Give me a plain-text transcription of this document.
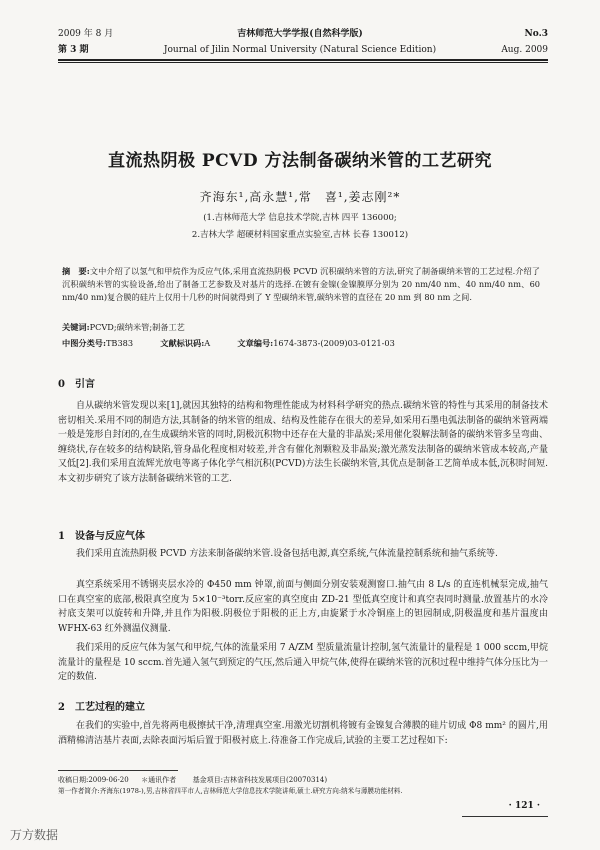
2009 年 8 月	吉林师范大学学报(自然科学版)	No.3
第 3 期	Journal of Jilin Normal University (Natural Science Edition)	Aug. 2009
直流热阴极 PCVD 方法制备碳纳米管的工艺研究
齐海东¹,高永慧¹,常　喜¹,姜志刚²*
(1.吉林师范大学 信息技术学院,吉林 四平 136000;
2.吉林大学 超硬材料国家重点实验室,吉林 长春 130012)
摘　要:文中介绍了以氢气和甲烷作为反应气体,采用直流热阴极 PCVD 沉积碳纳米管的方法,研究了制备碳纳米管的工艺过程.介绍了沉积碳纳米管的实验设备,给出了制备工艺参数及对基片的选择.在镀有金镍(金镍膜厚分别为 20 nm/40 nm、40 nm/40 nm、60 nm/40 nm)复合膜的硅片上仅用十几秒的时间就得到了 Y 型碳纳米管,碳纳米管的直径在 20 nm 到 80 nm 之间.
关键词:PCVD;碳纳米管;制备工艺
中图分类号:TB383	文献标识码:A	文章编号:1674-3873-(2009)03-0121-03
0　引言
自从碳纳米管发现以来[1],就因其独特的结构和物理性能成为材料科学研究的热点.碳纳米管的特性与其采用的制备技术密切相关.采用不同的制造方法,其制备的纳米管的组成、结构及性能存在很大的差异,如采用石墨电弧法制备的碳纳米管两端一般是笼形自封闭的,在生成碳纳米管的同时,阴极沉积物中还存在大量的非晶炭;采用催化裂解法制备的碳纳米管多呈弯曲、缠绕状,存在较多的结构缺陷,管身晶化程度相对较差,并含有催化剂颗粒及非晶炭;激光蒸发法制备的碳纳米管成本较高,产量又低[2].我们采用直流辉光放电等离子体化学气相沉积(PCVD)方法生长碳纳米管,其优点是制备工艺简单成本低,沉积时间短.本文初步研究了该方法制备碳纳米管的工艺.
1　设备与反应气体
我们采用直流热阴极 PCVD 方法来制备碳纳米管.设备包括电源,真空系统,气体流量控制系统和抽气系统等.
真空系统采用不锈钢夹层水冷的 Φ450 mm 钟罩,前面与侧面分别安装观测窗口.抽气由 8 L/s 的直连机械泵完成,抽气口在真空室的底部,极限真空度为 5×10⁻³torr.反应室的真空度由 ZD-21 型低真空度计和真空表同时测量.放置基片的水冷衬底支架可以旋转和升降,并且作为阳极.阴极位于阳极的正上方,由旋紧于水冷铜座上的钽园制成,阴极温度和基片温度由 WFHX-63 红外测温仪测量.
我们采用的反应气体为氢气和甲烷,气体的流量采用 7 A/ZM 型质量流量计控制,氢气流量计的量程是 1 000 sccm,甲烷流量计的量程是 10 sccm.首先通入氢气到预定的气压,然后通入甲烷气体,使得在碳纳米管的沉积过程中维持气体分压比为一定的数值.
2　工艺过程的建立
在我们的实验中,首先将两电极擦拭干净,清理真空室.用激光切割机将镀有金镍复合薄膜的硅片切成 Φ8 mm² 的圆片,用酒精棉清洁基片表面,去除表面污垢后置于阳极衬底上.待准备工作完成后,试验的主要工艺过程如下:
收稿日期:2009-06-20 ＊通讯作者 基金项目:吉林省科技发展项目(20070314)
第一作者简介:齐海东(1978-),男,吉林省四平市人,吉林师范大学信息技术学院讲师,硕士.研究方向:纳米与薄膜功能材料.
· 121 ·
万方数据
